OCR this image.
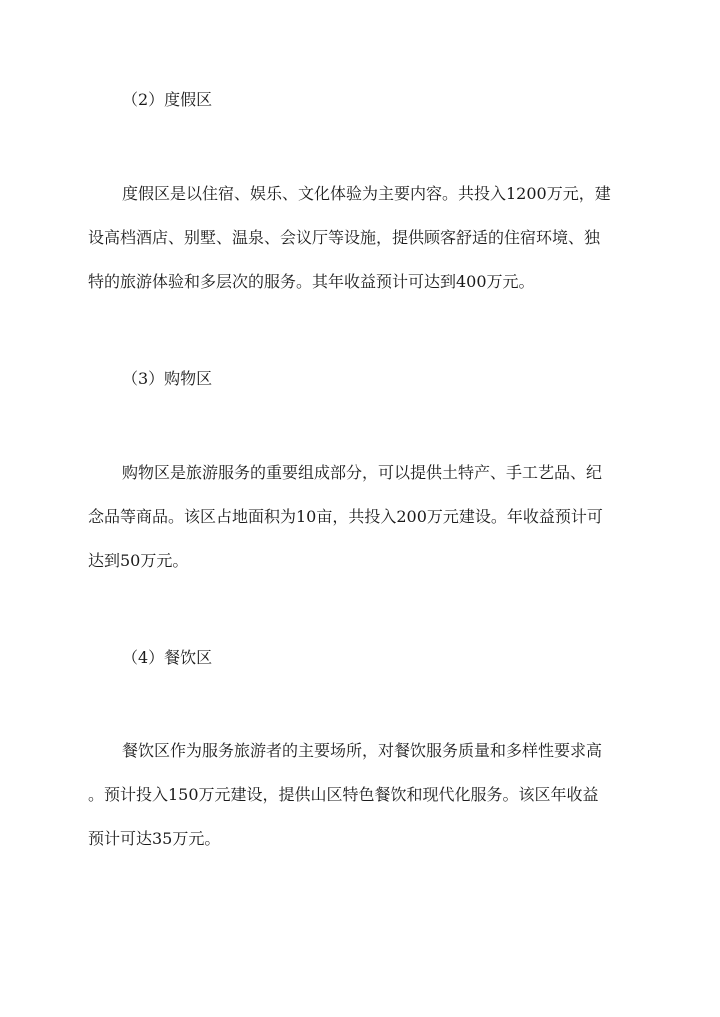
（2）度假区
度假区是以住宿、娱乐、文化体验为主要内容。共投入1200万元，建
设高档酒店、别墅、温泉、会议厅等设施，提供顾客舒适的住宿环境、独
特的旅游体验和多层次的服务。其年收益预计可达到400万元。
（3）购物区
购物区是旅游服务的重要组成部分，可以提供土特产、手工艺品、纪
念品等商品。该区占地面积为10亩，共投入200万元建设。年收益预计可
达到50万元。
（4）餐饮区
餐饮区作为服务旅游者的主要场所，对餐饮服务质量和多样性要求高
。预计投入150万元建设，提供山区特色餐饮和现代化服务。该区年收益
预计可达35万元。
